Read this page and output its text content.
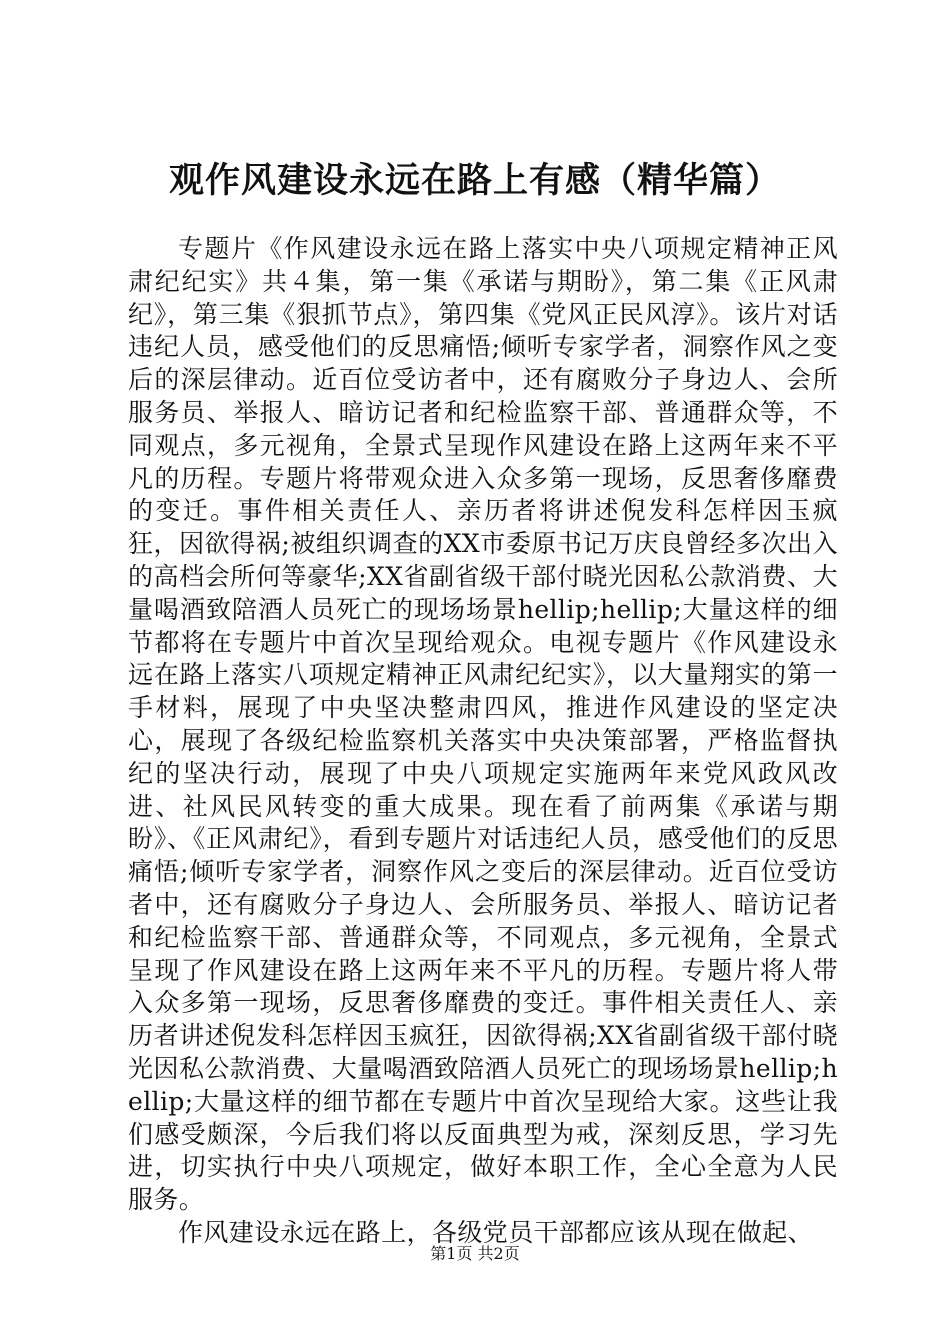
观作风建设永远在路上有感（精华篇）

专题片《作风建设永远在路上落实中央八项规定精神正风肃纪纪实》共４集，第一集《承诺与期盼》，第二集《正风肃纪》，第三集《狠抓节点》，第四集《党风正民风淳》。该片对话违纪人员，感受他们的反思痛悟;倾听专家学者，洞察作风之变后的深层律动。近百位受访者中，还有腐败分子身边人、会所服务员、举报人、暗访记者和纪检监察干部、普通群众等，不同观点，多元视角，全景式呈现作风建设在路上这两年来不平凡的历程。专题片将带观众进入众多第一现场，反思奢侈靡费的变迁。事件相关责任人、亲历者将讲述倪发科怎样因玉疯狂，因欲得祸;被组织调查的XX市委原书记万庆良曾经多次出入的高档会所何等豪华;XX省副省级干部付晓光因私公款消费、大量喝酒致陪酒人员死亡的现场场景hellip;hellip;大量这样的细节都将在专题片中首次呈现给观众。电视专题片《作风建设永远在路上落实八项规定精神正风肃纪纪实》，以大量翔实的第一手材料，展现了中央坚决整肃四风，推进作风建设的坚定决心，展现了各级纪检监察机关落实中央决策部署，严格监督执纪的坚决行动，展现了中央八项规定实施两年来党风政风改进、社风民风转变的重大成果。现在看了前两集《承诺与期盼》、《正风肃纪》，看到专题片对话违纪人员，感受他们的反思痛悟;倾听专家学者，洞察作风之变后的深层律动。近百位受访者中，还有腐败分子身边人、会所服务员、举报人、暗访记者和纪检监察干部、普通群众等，不同观点，多元视角，全景式呈现了作风建设在路上这两年来不平凡的历程。专题片将人带入众多第一现场，反思奢侈靡费的变迁。事件相关责任人、亲历者讲述倪发科怎样因玉疯狂，因欲得祸;XX省副省级干部付晓光因私公款消费、大量喝酒致陪酒人员死亡的现场场景hellip;hellip;大量这样的细节都在专题片中首次呈现给大家。这些让我们感受颇深，今后我们将以反面典型为戒，深刻反思，学习先进，切实执行中央八项规定，做好本职工作，全心全意为人民服务。

作风建设永远在路上，各级党员干部都应该从现在做起、

第1页 共2页
